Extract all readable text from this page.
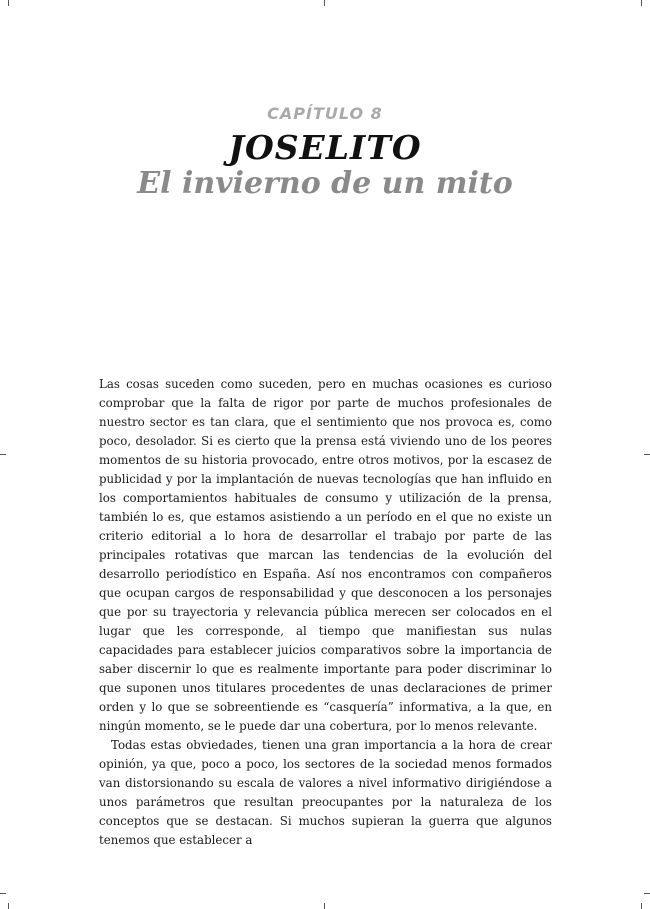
CAPÍTULO 8
JOSELITO
El invierno de un mito

Las cosas suceden como suceden, pero en muchas ocasiones es curioso comprobar que la falta de rigor por parte de muchos profesionales de nuestro sector es tan clara, que el sentimiento que nos provoca es, como poco, desolador. Si es cierto que la prensa está viviendo uno de los peores momentos de su historia provocado, entre otros motivos, por la escasez de publicidad y por la implantación de nuevas tecnologías que han influido en los comportamientos habituales de consumo y utilización de la prensa, también lo es, que estamos asistiendo a un período en el que no existe un criterio editorial a lo hora de desarrollar el trabajo por parte de las principales rotativas que marcan las tendencias de la evolución del desarrollo periodístico en España. Así nos encontramos con compañeros que ocupan cargos de responsabilidad y que desconocen a los personajes que por su trayectoria y relevancia pública merecen ser colocados en el lugar que les corresponde, al tiempo que manifiestan sus nulas capacidades para establecer juicios comparativos sobre la importancia de saber discernir lo que es realmente importante para poder discriminar lo que suponen unos titulares procedentes de unas declaraciones de primer orden y lo que se sobreentiende es “casquería” informativa, a la que, en ningún momento, se le puede dar una cobertura, por lo menos relevante.

Todas estas obviedades, tienen una gran importancia a la hora de crear opinión, ya que, poco a poco, los sectores de la sociedad menos formados van distorsionando su escala de valores a nivel informativo dirigiéndose a unos parámetros que resultan preocupantes por la naturaleza de los conceptos que se destacan. Si muchos supieran la guerra que algunos tenemos que establecer a
